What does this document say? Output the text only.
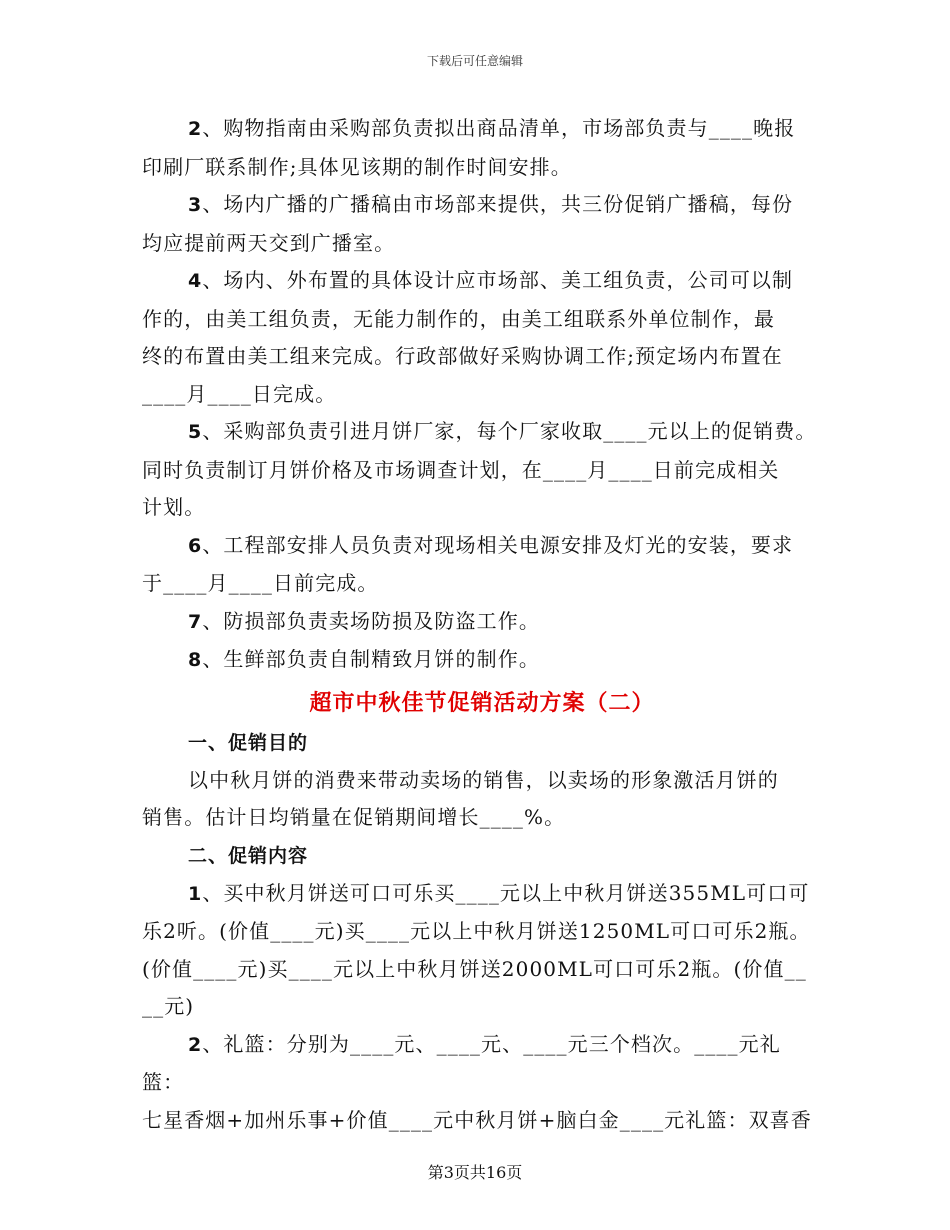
下载后可任意编辑
2、购物指南由采购部负责拟出商品清单，市场部负责与____晚报
印刷厂联系制作;具体见该期的制作时间安排。
3、场内广播的广播稿由市场部来提供，共三份促销广播稿，每份
均应提前两天交到广播室。
4、场内、外布置的具体设计应市场部、美工组负责，公司可以制
作的，由美工组负责，无能力制作的，由美工组联系外单位制作，最
终的布置由美工组来完成。行政部做好采购协调工作;预定场内布置在
____月____日完成。
5、采购部负责引进月饼厂家，每个厂家收取____元以上的促销费。
同时负责制订月饼价格及市场调查计划，在____月____日前完成相关
计划。
6、工程部安排人员负责对现场相关电源安排及灯光的安装，要求
于____月____日前完成。
7、防损部负责卖场防损及防盗工作。
8、生鲜部负责自制精致月饼的制作。
超市中秋佳节促销活动方案（二）
一、促销目的
以中秋月饼的消费来带动卖场的销售，以卖场的形象激活月饼的
销售。估计日均销量在促销期间增长____%。
二、促销内容
1、买中秋月饼送可口可乐买____元以上中秋月饼送355ML可口可
乐2听。(价值____元)买____元以上中秋月饼送1250ML可口可乐2瓶。
(价值____元)买____元以上中秋月饼送2000ML可口可乐2瓶。(价值__
__元)
2、礼篮：分别为____元、____元、____元三个档次。____元礼篮：
七星香烟+加州乐事+价值____元中秋月饼+脑白金____元礼篮：双喜香
第3页共16页
